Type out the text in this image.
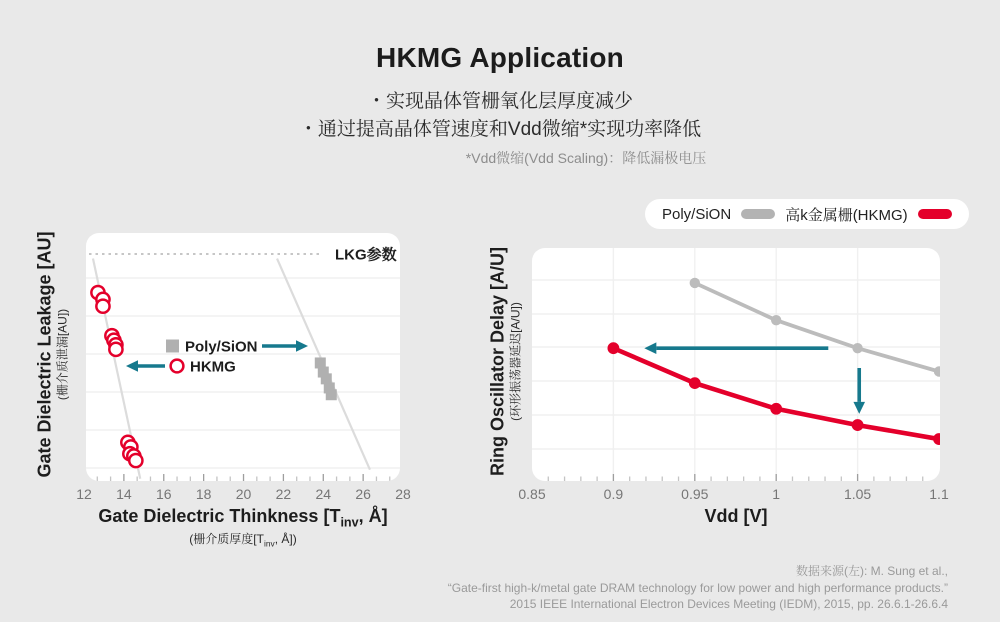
HKMG Application
・实现晶体管栅氧化层厚度减少
・通过提高晶体管速度和Vdd微缩*实现功率降低
*Vdd微缩(Vdd Scaling)：降低漏极电压
Poly/SiON	高k金属栅(HKMG)
Gate Dielectric Leakage [AU] (栅介质泄漏[AU])
LKG参数
Poly/SiON
HKMG
12 14 16 18 20 22 24 26 28
Gate Dielectric Thinkness [$T_{inv}$, Å]
(栅介质厚度[$T_{inv}$, Å])
Ring Oscillator Delay [A/U] (环形振荡器延迟[A/U])
0.85	0.9	0.95	1	1.05	1.1
Vdd [V]
数据来源(左): M. Sung et al.,
“Gate-first high-k/metal gate DRAM technology for low power and high performance products.”
2015 IEEE International Electron Devices Meeting (IEDM), 2015, pp. 26.6.1-26.6.4
